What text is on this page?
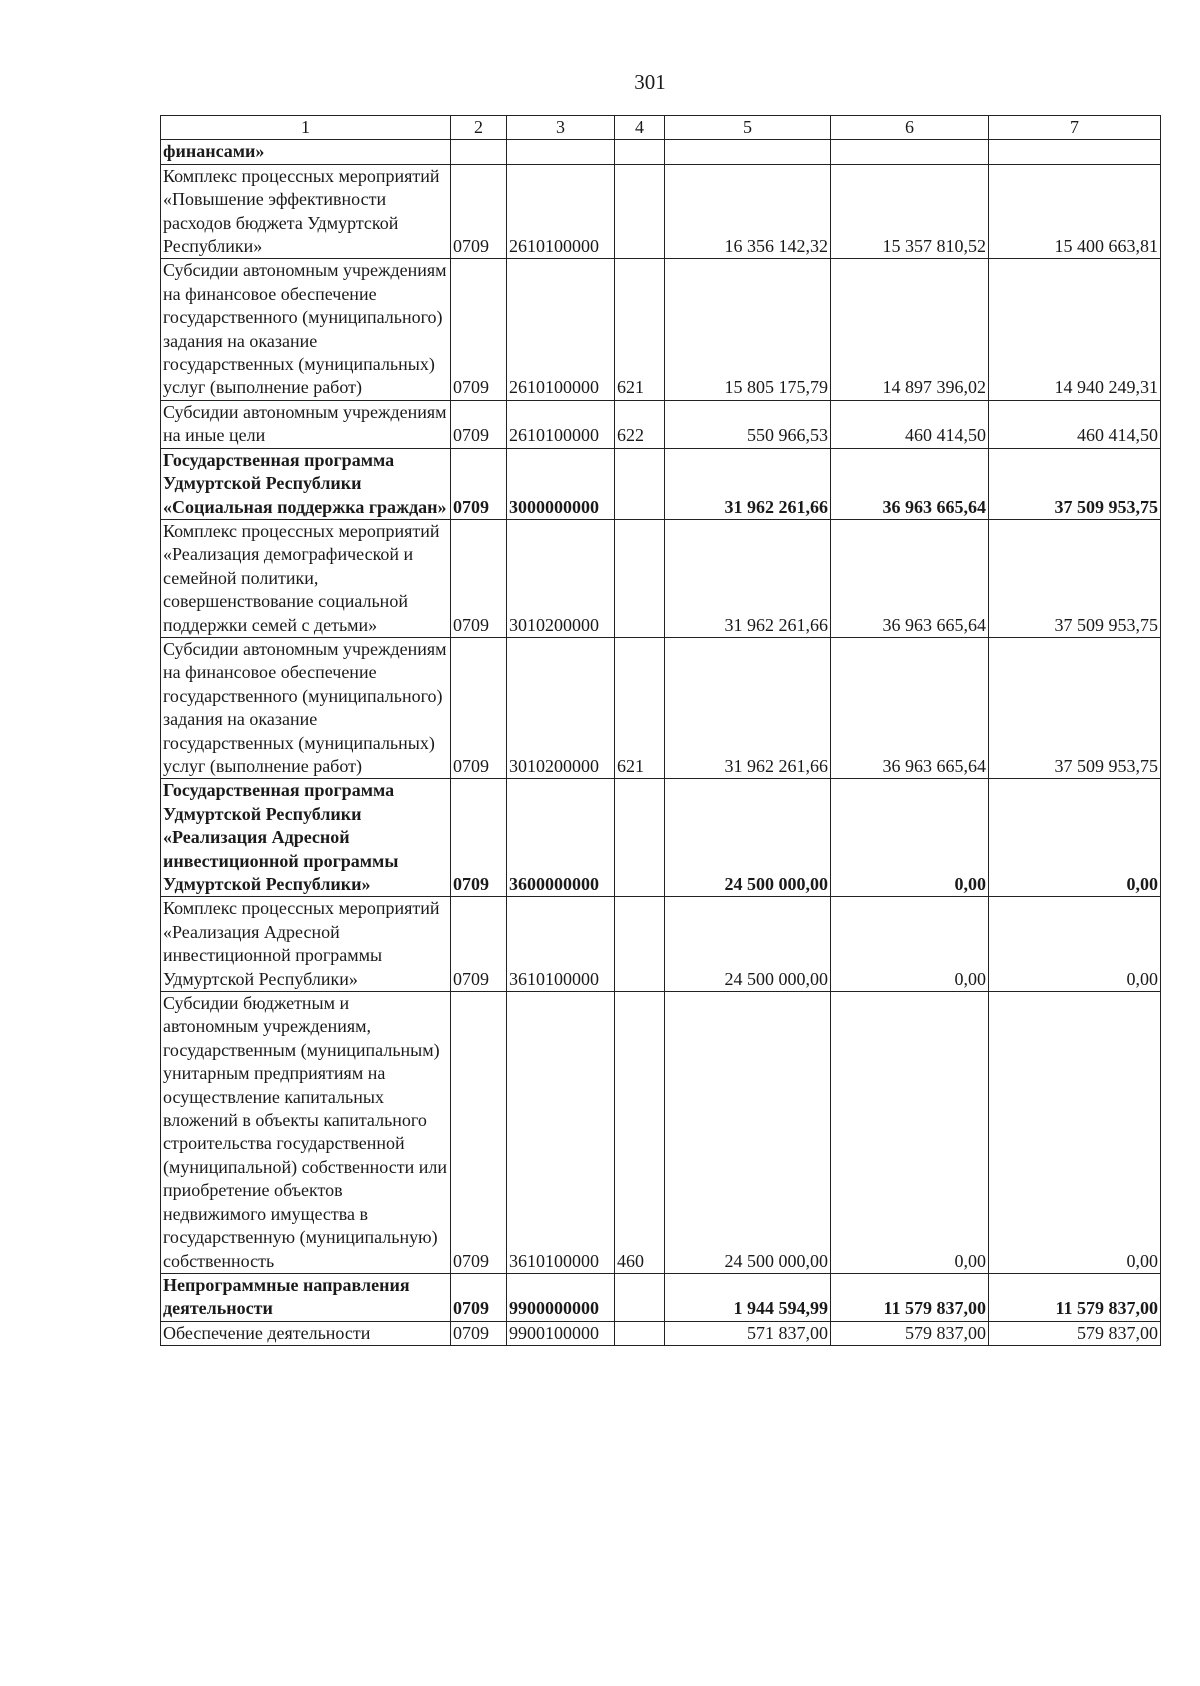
301
1	2	3	4	5	6	7
финансами»						
Комплекс процессных мероприятий «Повышение эффективности расходов бюджета Удмуртской Республики»	0709	2610100000		16 356 142,32	15 357 810,52	15 400 663,81
Субсидии автономным учреждениям на финансовое обеспечение государственного (муниципального) задания на оказание государственных (муниципальных) услуг (выполнение работ)	0709	2610100000	621	15 805 175,79	14 897 396,02	14 940 249,31
Субсидии автономным учреждениям на иные цели	0709	2610100000	622	550 966,53	460 414,50	460 414,50
Государственная программа Удмуртской Республики «Социальная поддержка граждан»	0709	3000000000		31 962 261,66	36 963 665,64	37 509 953,75
Комплекс процессных мероприятий «Реализация демографической и семейной политики, совершенствование социальной поддержки семей с детьми»	0709	3010200000		31 962 261,66	36 963 665,64	37 509 953,75
Субсидии автономным учреждениям на финансовое обеспечение государственного (муниципального) задания на оказание государственных (муниципальных) услуг (выполнение работ)	0709	3010200000	621	31 962 261,66	36 963 665,64	37 509 953,75
Государственная программа Удмуртской Республики «Реализация Адресной инвестиционной программы Удмуртской Республики»	0709	3600000000		24 500 000,00	0,00	0,00
Комплекс процессных мероприятий «Реализация Адресной инвестиционной программы Удмуртской Республики»	0709	3610100000		24 500 000,00	0,00	0,00
Субсидии бюджетным и автономным учреждениям, государственным (муниципальным) унитарным предприятиям на осуществление капитальных вложений в объекты капитального строительства государственной (муниципальной) собственности или приобретение объектов недвижимого имущества в государственную (муниципальную) собственность	0709	3610100000	460	24 500 000,00	0,00	0,00
Непрограммные направления деятельности	0709	9900000000		1 944 594,99	11 579 837,00	11 579 837,00
Обеспечение деятельности	0709	9900100000		571 837,00	579 837,00	579 837,00
